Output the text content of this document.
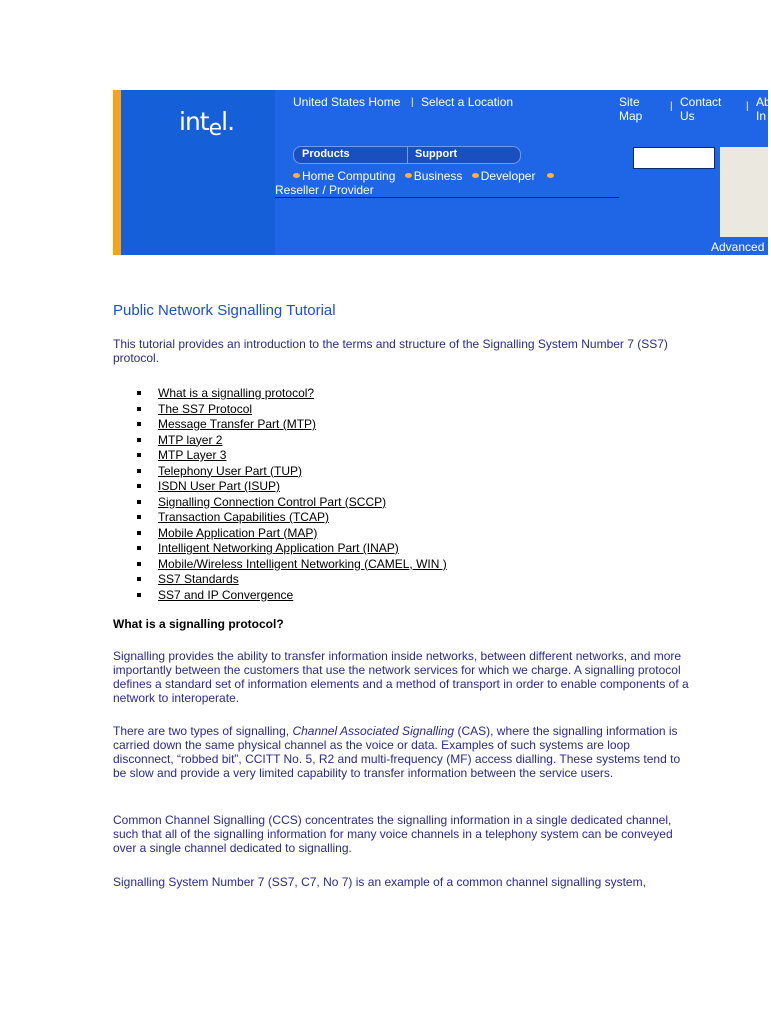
intel.
United States Home | Select a Location	Site
Map
| Contact
Us
| Ab
In
Products	Support
Home Computing Business Developer
Reseller / Provider
Advanced
Public Network Signalling Tutorial

This tutorial provides an introduction to the terms and structure of the Signalling System Number 7 (SS7) protocol.

What is a signalling protocol?
The SS7 Protocol
Message Transfer Part (MTP)
MTP layer 2
MTP Layer 3
Telephony User Part (TUP)
ISDN User Part (ISUP)
Signalling Connection Control Part (SCCP)
Transaction Capabilities (TCAP)
Mobile Application Part (MAP)
Intelligent Networking Application Part (INAP)
Mobile/Wireless Intelligent Networking (CAMEL, WIN )
SS7 Standards
SS7 and IP Convergence
What is a signalling protocol?

Signalling provides the ability to transfer information inside networks, between different networks, and more importantly between the customers that use the network services for which we charge. A signalling protocol defines a standard set of information elements and a method of transport in order to enable components of a network to interoperate.

There are two types of signalling, Channel Associated Signalling (CAS), where the signalling information is carried down the same physical channel as the voice or data. Examples of such systems are loop disconnect, “robbed bit”, CCITT No. 5, R2 and multi-frequency (MF) access dialling. These systems tend to be slow and provide a very limited capability to transfer information between the service users.

Common Channel Signalling (CCS) concentrates the signalling information in a single dedicated channel, such that all of the signalling information for many voice channels in a telephony system can be conveyed over a single channel dedicated to signalling.

Signalling System Number 7 (SS7, C7, No 7) is an example of a common channel signalling system,
